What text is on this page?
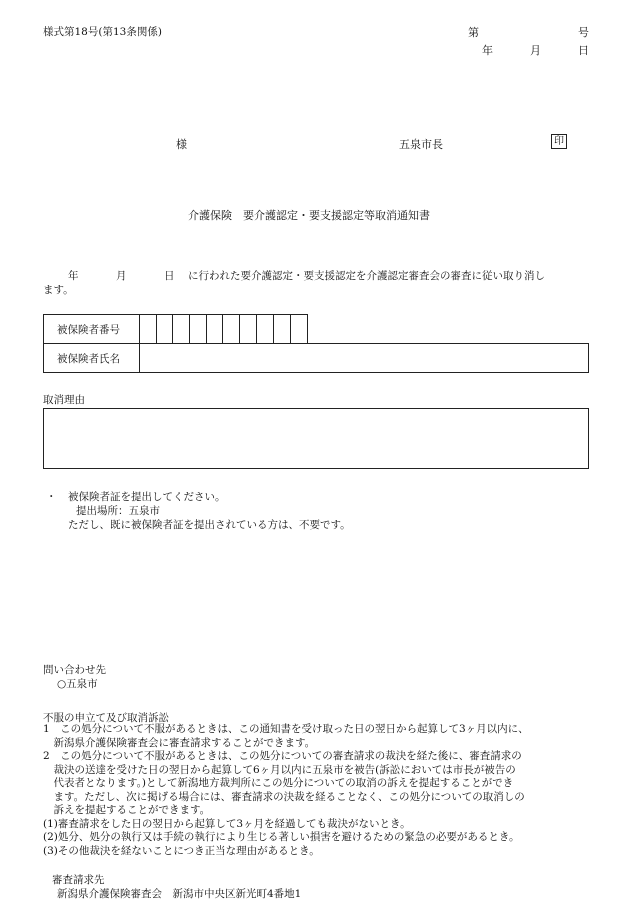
様式第18号(第13条関係)	第	号
年	月	日
様	五泉市長	印
介護保険　要介護認定・要支援認定等取消通知書
年	月	日 に行われた要介護認定・要支援認定を介護認定審査会の審査に従い取り消し
ます。
被保険者番号
被保険者氏名
取消理由
・ 被保険者証を提出してください。
提出場所：五泉市
ただし、既に被保険者証を提出されている方は、不要です。
問い合わせ先
○五泉市
不服の申立て及び取消訴訟
1　この処分について不服があるときは、この通知書を受け取った日の翌日から起算して3ヶ月以内に、
　新潟県介護保険審査会に審査請求することができます。
2　この処分について不服があるときは、この処分についての審査請求の裁決を経た後に、審査請求の
　裁決の送達を受けた日の翌日から起算して6ヶ月以内に五泉市を被告(訴訟においては市長が被告の
　代表者となります。)として新潟地方裁判所にこの処分についての取消の訴えを提起することができ
　ます。ただし、次に掲げる場合には、審査請求の決裁を経ることなく、この処分についての取消しの
　訴えを提起することができます。
(1)審査請求をした日の翌日から起算して3ヶ月を経過しても裁決がないとき。
(2)処分、処分の執行又は手続の執行により生じる著しい損害を避けるための緊急の必要があるとき。
(3)その他裁決を経ないことにつき正当な理由があるとき。
審査請求先
新潟県介護保険審査会　新潟市中央区新光町4番地1
